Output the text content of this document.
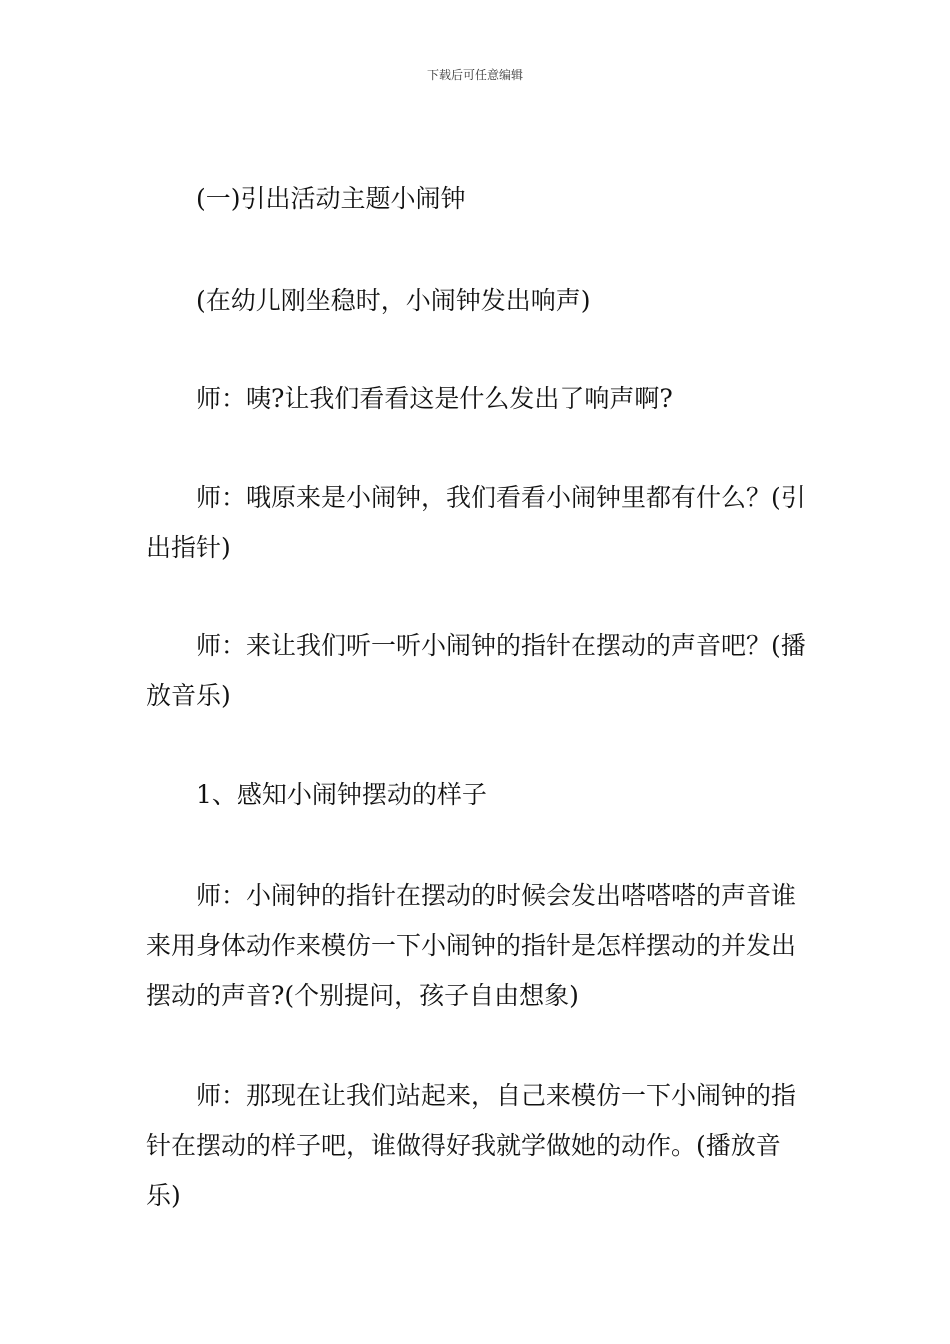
下载后可任意编辑

(一)引出活动主题小闹钟

(在幼儿刚坐稳时，小闹钟发出响声)

师：咦?让我们看看这是什么发出了响声啊?

师：哦原来是小闹钟，我们看看小闹钟里都有什么？(引出指针)

师：来让我们听一听小闹钟的指针在摆动的声音吧？(播放音乐)

1、感知小闹钟摆动的样子

师：小闹钟的指针在摆动的时候会发出嗒嗒嗒的声音谁来用身体动作来模仿一下小闹钟的指针是怎样摆动的并发出摆动的声音?(个别提问，孩子自由想象)

师：那现在让我们站起来，自己来模仿一下小闹钟的指针在摆动的样子吧，谁做得好我就学做她的动作。(播放音乐)
